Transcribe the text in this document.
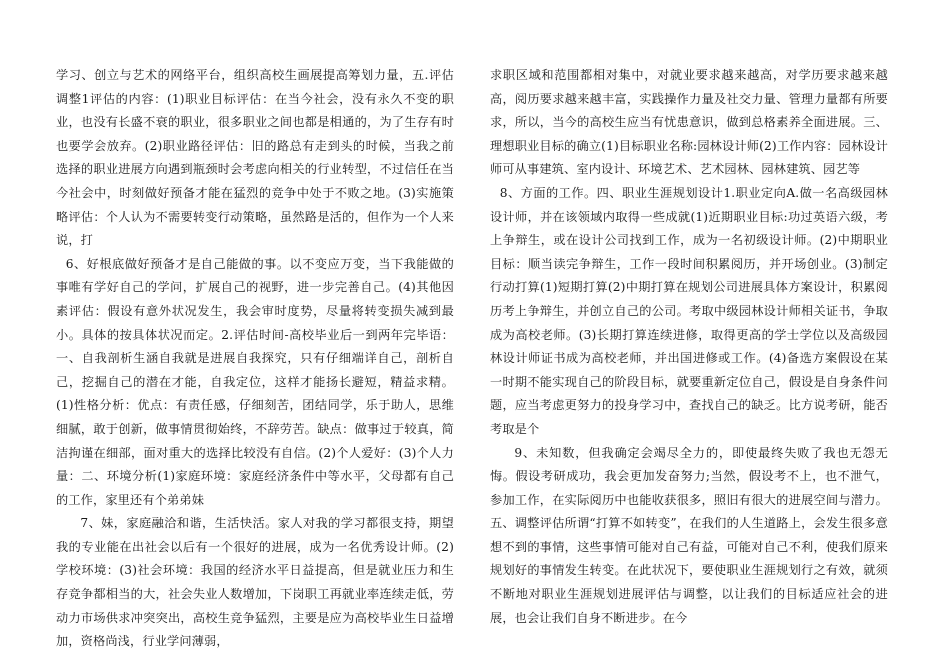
学习、创立与艺术的网络平台，组织高校生画展提高筹划力量，五.评估调整1评估的内容：(1)职业目标评估：在当今社会，没有永久不变的职业，也没有长盛不衰的职业，很多职业之间也都是相通的，为了生存有时也要学会放弃。(2)职业路径评估：旧的路总有走到头的时候，当我之前选择的职业进展方向遇到瓶颈时会考虑向相关的行业转型，不过信任在当今社会中，时刻做好预备才能在猛烈的竞争中处于不败之地。(3)实施策略评估：个人认为不需要转变行动策略，虽然路是活的，但作为一个人来说，打

6、好根底做好预备才是自己能做的事。以不变应万变，当下我能做的事唯有学好自己的学问，扩展自己的视野，进一步完善自己。(4)其他因素评估：假设有意外状况发生，我会审时度势，尽量将转变损失减到最小。具体的按具体状况而定。2.评估时间-高校毕业后一到两年完毕语：一、自我剖析生涵自我就是进展自我探究，只有仔细端详自己，剖析自己，挖掘自己的潜在才能，自我定位，这样才能扬长避短，精益求精。(1)性格分析：优点：有责任感，仔细刻苦，团结同学，乐于助人，思维细腻，敢于创新，做事情贯彻始终，不辞劳苦。缺点：做事过于较真，简洁拘谨在细部，面对重大的选择比较没有自信。(2)个人爱好：(3)个人力量：二、环境分析(1)家庭环境：家庭经济条件中等水平，父母都有自己的工作，家里还有个弟弟妹

7、妹，家庭融洽和谐，生活快活。家人对我的学习都很支持，期望我的专业能在出社会以后有一个很好的进展，成为一名优秀设计师。(2)学校环境：(3)社会环境：我国的经济水平日益提高，但是就业压力和生存竞争都相当的大，社会失业人数增加，下岗职工再就业率连续走低，劳动力市场供求冲突突出，高校生竞争猛烈，主要是应为高校毕业生日益增加，资格尚浅，行业学问薄弱，

求职区域和范围都相对集中，对就业要求越来越高，对学历要求越来越高，阅历要求越来越丰富，实践操作力量及社交力量、管理力量都有所要求，所以，当今的高校生应当有忧患意识，做到总格素养全面进展。三、理想职业目标的确立(1)目标职业名称:园林设计师(2)工作内容：园林设计师可从事建筑、室内设计、环境艺术、艺术园林、园林建筑、园艺等

8、方面的工作。四、职业生涯规划设计1.职业定向A.做一名高级园林设计师，并在该领域内取得一些成就(1)近期职业目标:功过英语六级，考上争辩生，或在设计公司找到工作，成为一名初级设计师。(2)中期职业目标：顺当读完争辩生，工作一段时间积累阅历，并开场创业。(3)制定行动打算(1)短期打算(2)中期打算在规划公司进展具体方案设计，积累阅历考上争辩生，并创立自己的公司。考取中级园林设计师相关证书，争取成为高校老师。(3)长期打算连续进修，取得更高的学士学位以及高级园林设计师证书成为高校老师，并出国进修或工作。(4)备选方案假设在某一时期不能实现自己的阶段目标，就要重新定位自己，假设是自身条件问题，应当考虑更努力的投身学习中，查找自己的缺乏。比方说考研，能否考取是个

9、未知数，但我确定会竭尽全力的，即使最终失败了我也无怨无悔。假设考研成功，我会更加发奋努力;当然，假设考不上，也不泄气，参加工作，在实际阅历中也能收获很多，照旧有很大的进展空间与潜力。五、调整评估所谓“打算不如转变”，在我们的人生道路上，会发生很多意想不到的事情，这些事情可能对自己有益，可能对自己不利，使我们原来规划好的事情发生转变。在此状况下，要使职业生涯规划行之有效，就须不断地对职业生涯规划进展评估与调整，以让我们的目标适应社会的进展，也会让我们自身不断进步。在今
